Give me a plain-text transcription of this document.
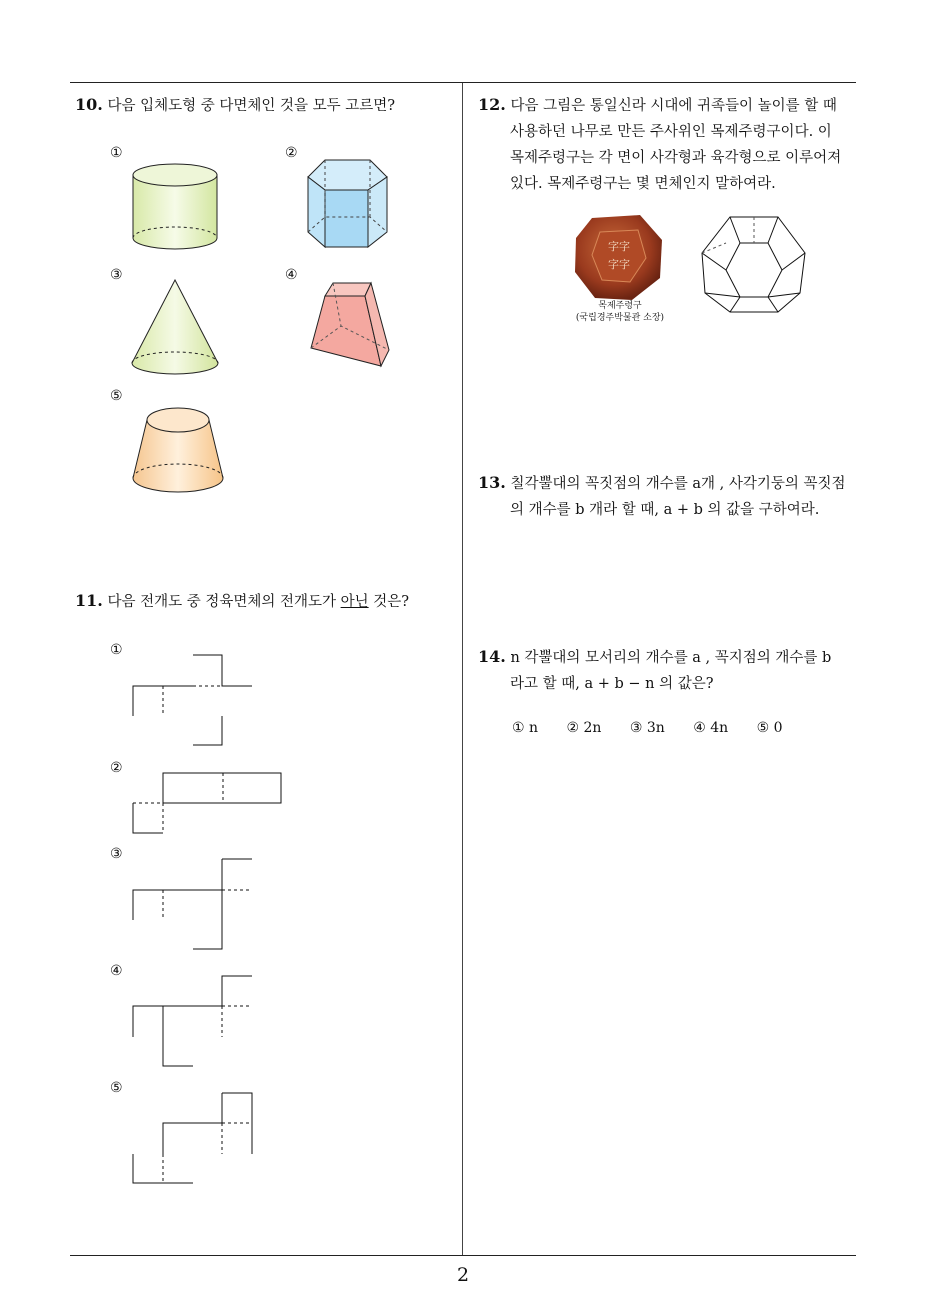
10. 다음 입체도형 중 다면체인 것을 모두 고르면?
①	②
③	④
⑤
11. 다음 전개도 중 정육면체의 전개도가 아닌 것은?
①
②
③
④
⑤
12. 다음 그림은 통일신라 시대에 귀족들이 놀이를 할 때
사용하던 나무로 만든 주사위인 목제주령구이다. 이
목제주령구는 각 면이 사각형과 육각형으로 이루어져
있다. 목제주령구는 몇 면체인지 말하여라.
字字
字字
목제주령구
(국립경주박물관 소장)
13. 칠각뿔대의 꼭짓점의 개수를 a개 , 사각기둥의 꼭짓점
의 개수를 b 개라 할 때, a + b 의 값을 구하여라.
14. n 각뿔대의 모서리의 개수를 a , 꼭지점의 개수를 b
라고 할 때, a + b − n 의 값은?
① n ② 2n ③ 3n ④ 4n ⑤ 0
2
